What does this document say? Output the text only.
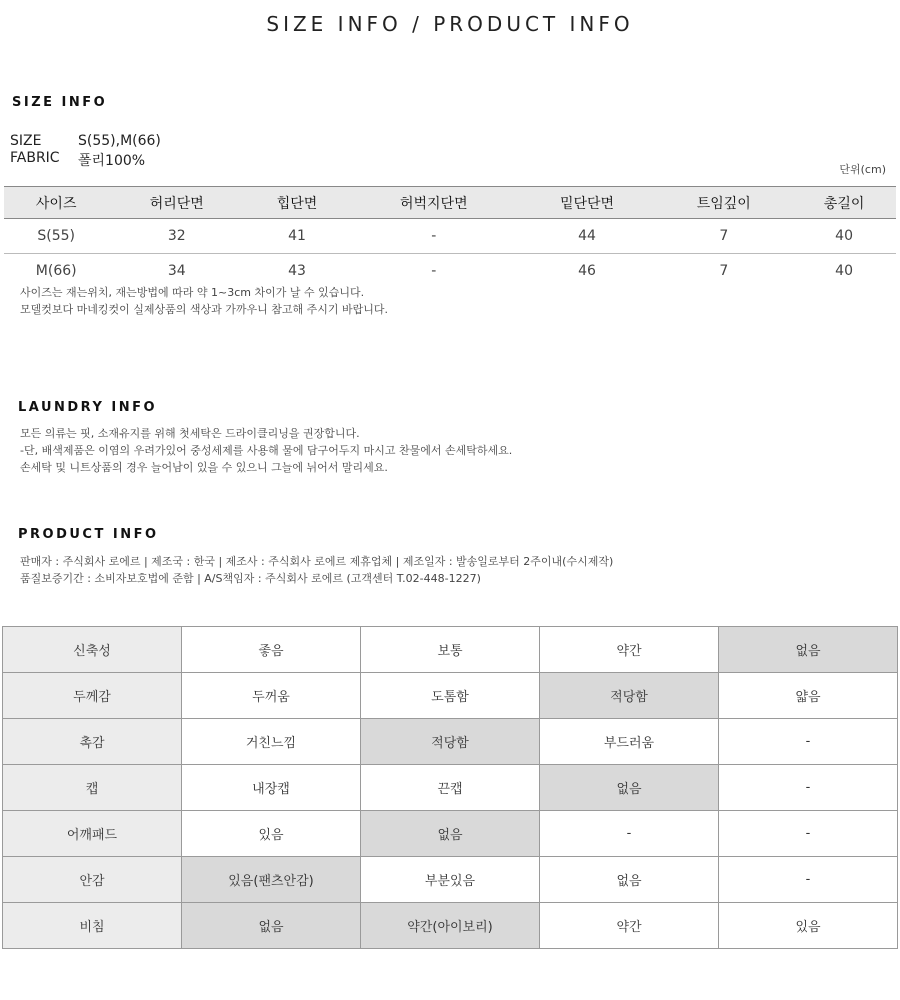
SIZE INFO / PRODUCT INFO
SIZE INFO
SIZE	S(55),M(66)
FABRIC	폴리100%
단위(cm)
사이즈	허리단면	힙단면	허벅지단면	밑단단면	트임깊이	총길이
S(55)	32	41	-	44	7	40
M(66)	34	43	-	46	7	40
사이즈는 재는위치, 재는방법에 따라 약 1~3cm 차이가 날 수 있습니다.
모델컷보다 마네킹컷이 실제상품의 색상과 가까우니 참고해 주시기 바랍니다.
LAUNDRY INFO
모든 의류는 핏, 소재유지를 위해 첫세탁은 드라이클리닝을 권장합니다.
-단, 배색제품은 이염의 우려가있어 중성세제를 사용해 물에 담구어두지 마시고 찬물에서 손세탁하세요.
손세탁 및 니트상품의 경우 늘어남이 있을 수 있으니 그늘에 뉘어서 말리세요.
PRODUCT INFO
판매자 : 주식회사 로에르 | 제조국 : 한국 | 제조사 : 주식회사 로에르 제휴업체 | 제조일자 : 발송일로부터 2주이내(수시제작)
품질보증기간 : 소비자보호법에 준함 | A/S책임자 : 주식회사 로에르 (고객센터 T.02-448-1227)
신축성	좋음	보통	약간	없음
두께감	두꺼움	도톰함	적당함	얇음
촉감	거친느낌	적당함	부드러움	-
캡	내장캡	끈캡	없음	-
어깨패드	있음	없음	-	-
안감	있음(팬츠안감)	부분있음	없음	-
비침	없음	약간(아이보리)	약간	있음
